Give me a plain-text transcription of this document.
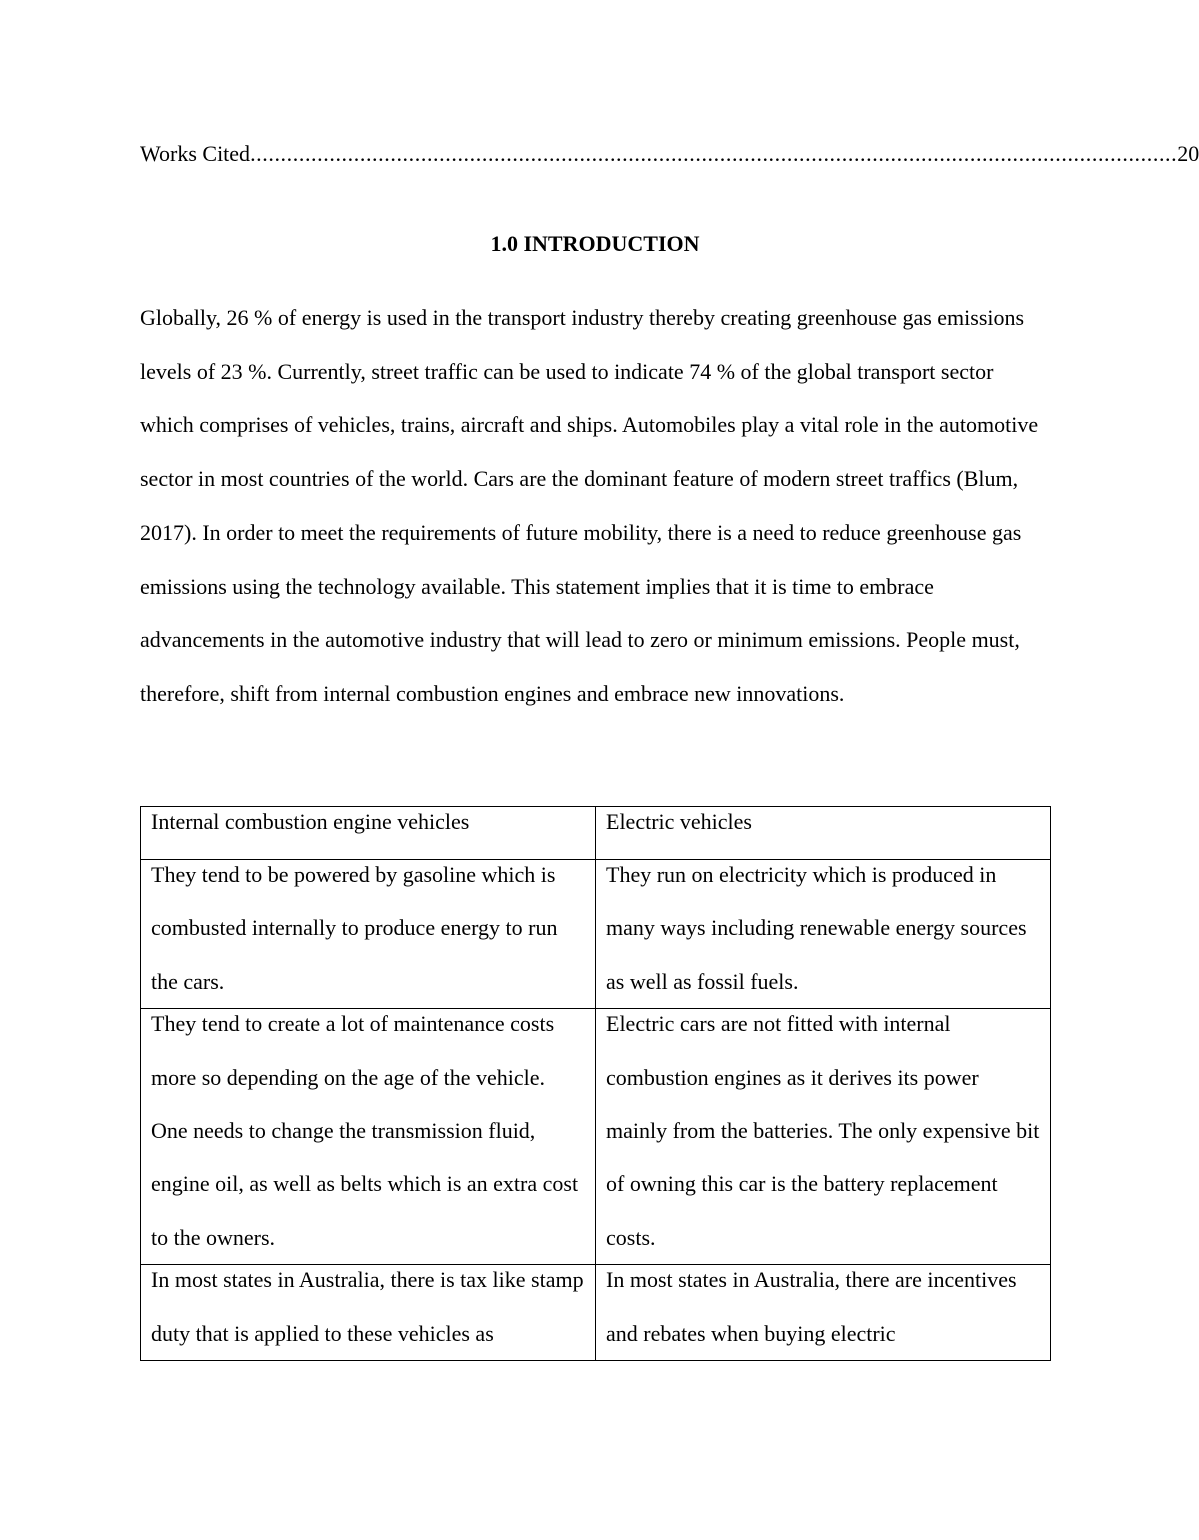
Works Cited ........................................................................................................................................................ 20
1.0 INTRODUCTION

Globally, 26 % of energy is used in the transport industry thereby creating greenhouse gas emissions levels of 23 %. Currently, street traffic can be used to indicate 74 % of the global transport sector which comprises of vehicles, trains, aircraft and ships. Automobiles play a vital role in the automotive sector in most countries of the world. Cars are the dominant feature of modern street traffics (Blum, 2017). In order to meet the requirements of future mobility, there is a need to reduce greenhouse gas emissions using the technology available. This statement implies that it is time to embrace advancements in the automotive industry that will lead to zero or minimum emissions. People must, therefore, shift from internal combustion engines and embrace new innovations.

Internal combustion engine vehicles	Electric vehicles

They tend to be powered by gasoline which is combusted internally to produce energy to run the cars.	They run on electricity which is produced in many ways including renewable energy sources as well as fossil fuels.

They tend to create a lot of maintenance costs more so depending on the age of the vehicle. One needs to change the transmission fluid, engine oil, as well as belts which is an extra cost to the owners.	Electric cars are not fitted with internal combustion engines as it derives its power mainly from the batteries. The only expensive bit of owning this car is the battery replacement costs.

In most states in Australia, there is tax like stamp duty that is applied to these vehicles as	In most states in Australia, there are incentives and rebates when buying electric
